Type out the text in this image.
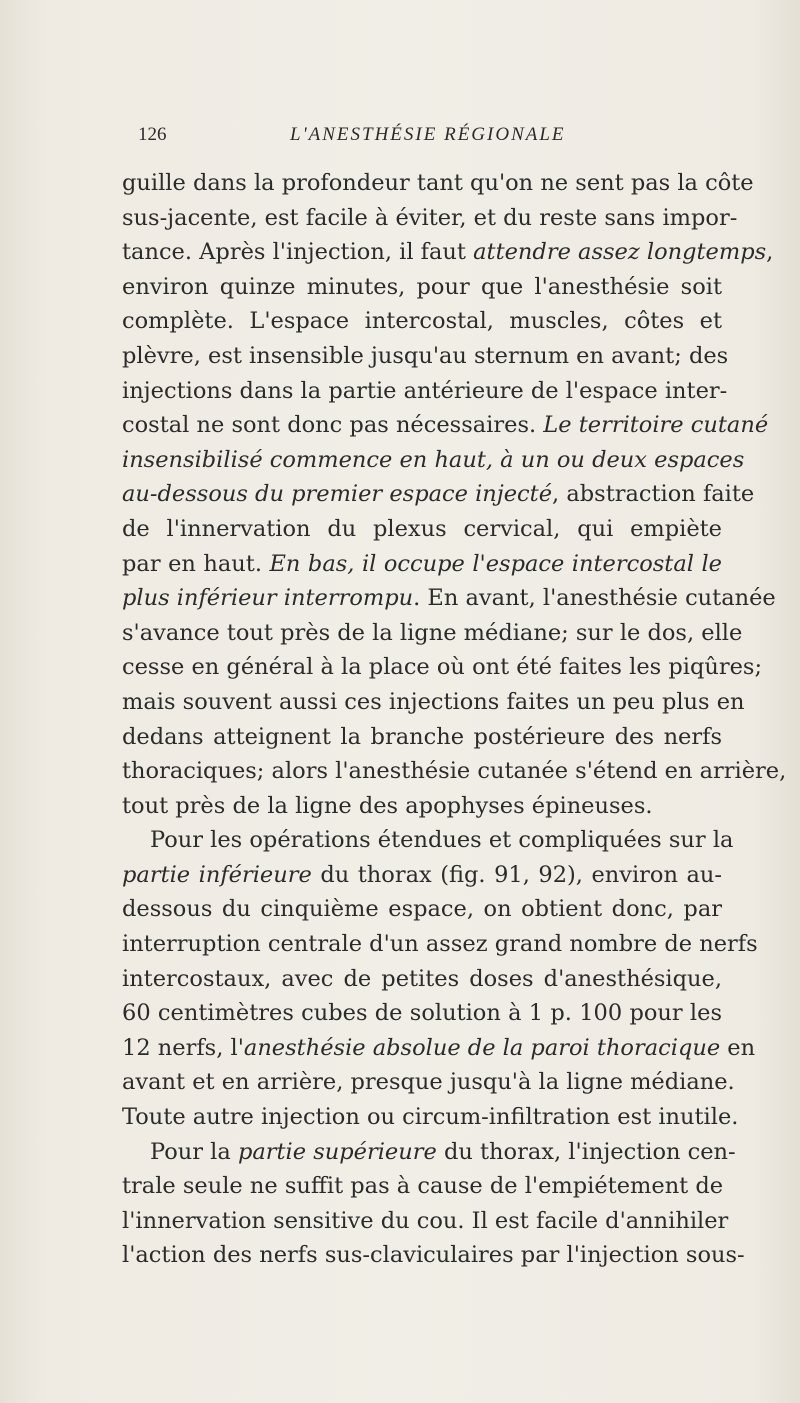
126	L'ANESTHÉSIE RÉGIONALE
guille dans la profondeur tant qu'on ne sent pas la côte
sus-jacente, est facile à éviter, et du reste sans impor-
tance. Après l'injection, il faut attendre assez longtemps,
environ quinze minutes, pour que l'anesthésie soit
complète. L'espace intercostal, muscles, côtes et
plèvre, est insensible jusqu'au sternum en avant; des
injections dans la partie antérieure de l'espace inter-
costal ne sont donc pas nécessaires. Le territoire cutané
insensibilisé commence en haut, à un ou deux espaces
au-dessous du premier espace injecté, abstraction faite
de l'innervation du plexus cervical, qui empiète
par en haut. En bas, il occupe l'espace intercostal le
plus inférieur interrompu. En avant, l'anesthésie cutanée
s'avance tout près de la ligne médiane; sur le dos, elle
cesse en général à la place où ont été faites les piqûres;
mais souvent aussi ces injections faites un peu plus en
dedans atteignent la branche postérieure des nerfs
thoraciques; alors l'anesthésie cutanée s'étend en arrière,
tout près de la ligne des apophyses épineuses.
Pour les opérations étendues et compliquées sur la
partie inférieure du thorax (fig. 91, 92), environ au-
dessous du cinquième espace, on obtient donc, par
interruption centrale d'un assez grand nombre de nerfs
intercostaux, avec de petites doses d'anesthésique,
60 centimètres cubes de solution à 1 p. 100 pour les
12 nerfs, l'anesthésie absolue de la paroi thoracique en
avant et en arrière, presque jusqu'à la ligne médiane.
Toute autre injection ou circum-infiltration est inutile.
Pour la partie supérieure du thorax, l'injection cen-
trale seule ne suffit pas à cause de l'empiétement de
l'innervation sensitive du cou. Il est facile d'annihiler
l'action des nerfs sus-claviculaires par l'injection sous-
